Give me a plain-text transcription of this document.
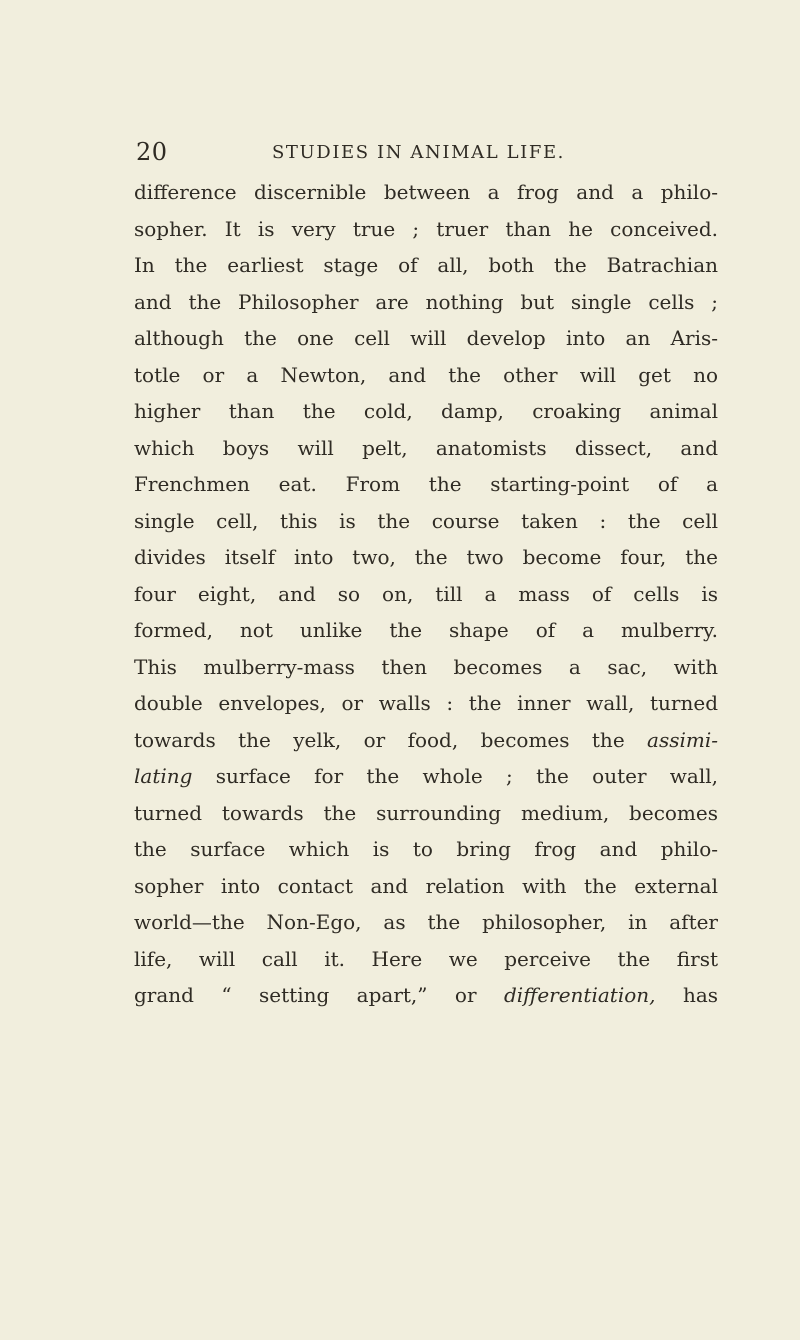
20	STUDIES IN ANIMAL LIFE.
difference discernible between a frog and a philo-
sopher. It is very true ; truer than he conceived.
In the earliest stage of all, both the Batrachian
and the Philosopher are nothing but single cells ;
although the one cell will develop into an Aris-
totle or a Newton, and the other will get no
higher than the cold, damp, croaking animal
which boys will pelt, anatomists dissect, and
Frenchmen eat. From the starting-point of a
single cell, this is the course taken : the cell
divides itself into two, the two become four, the
four eight, and so on, till a mass of cells is
formed, not unlike the shape of a mulberry.
This mulberry-mass then becomes a sac, with
double envelopes, or walls : the inner wall, turned
towards the yelk, or food, becomes the assimi-
lating surface for the whole ; the outer wall,
turned towards the surrounding medium, becomes
the surface which is to bring frog and philo-
sopher into contact and relation with the external
world—the Non-Ego, as the philosopher, in after
life, will call it. Here we perceive the first
grand “ setting apart,” or differentiation, has
